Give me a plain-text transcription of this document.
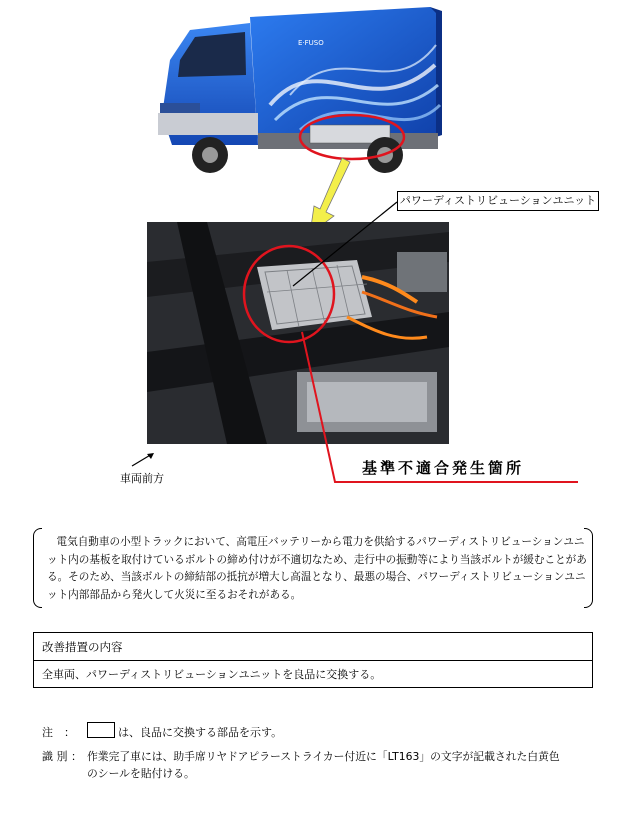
E·FUSO
パワーディストリビューションユニット
基準不適合発生箇所
車両前方

電気自動車の小型トラックにおいて、高電圧バッテリーから電力を供給するパワーディストリビューションユニット内の基板を取付けているボルトの締め付けが不適切なため、走行中の振動等により当該ボルトが緩むことがある。そのため、当該ボルトの締結部の抵抗が増大し高温となり、最悪の場合、パワーディストリビューションユニット内部部品から発火して火災に至るおそれがある。

改善措置の内容
全車両、パワーディストリビューションユニットを良品に交換する。
注　：	は、良品に交換する部品を示す。
識 別 ： 作業完了車には、助手席リヤドアピラーストライカー付近に「LT163」の文字が記載された白黄色
のシールを貼付ける。
